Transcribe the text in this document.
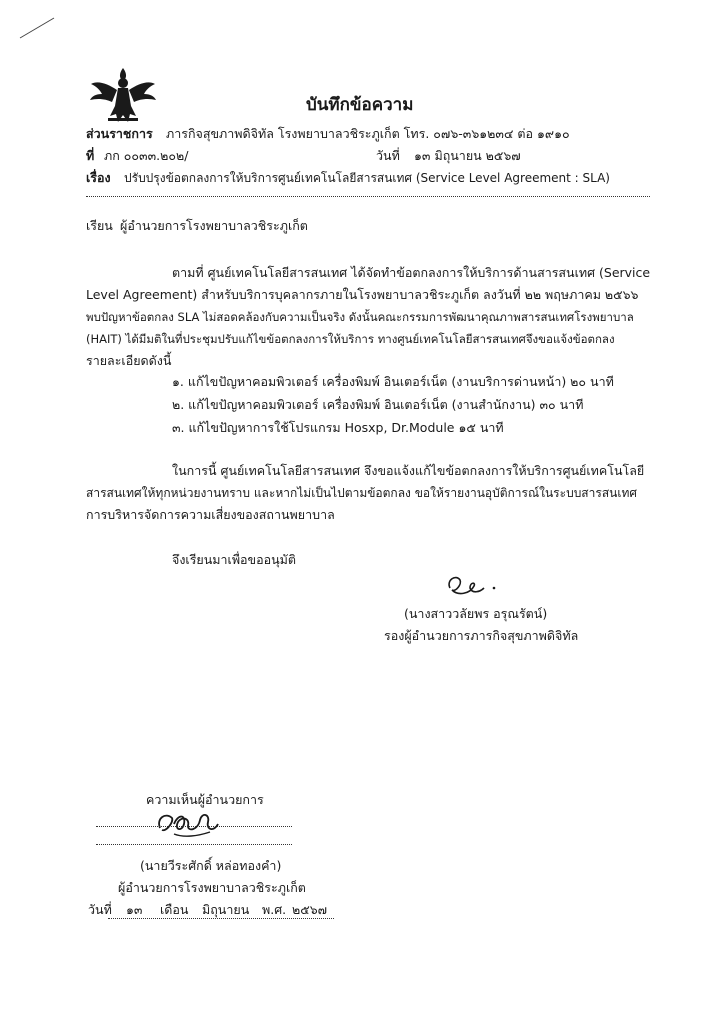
บันทึกข้อความ
ส่วนราชการ ภารกิจสุขภาพดิจิทัล โรงพยาบาลวชิระภูเก็ต โทร. ๐๗๖-๓๖๑๒๓๔ ต่อ ๑๙๑๐
ที่ ภก ๐๐๓๓.๒๐๒/	วันที่ ๑๓ มิถุนายน ๒๕๖๗
เรื่อง ปรับปรุงข้อตกลงการให้บริการศูนย์เทคโนโลยีสารสนเทศ (Service Level Agreement : SLA)
เรียน ผู้อำนวยการโรงพยาบาลวชิระภูเก็ต
ตามที่ ศูนย์เทคโนโลยีสารสนเทศ ได้จัดทำข้อตกลงการให้บริการด้านสารสนเทศ (Service
Level Agreement) สำหรับบริการบุคลากรภายในโรงพยาบาลวชิระภูเก็ต ลงวันที่ ๒๒ พฤษภาคม ๒๕๖๖
พบปัญหาข้อตกลง SLA ไม่สอดคล้องกับความเป็นจริง ดังนั้นคณะกรรมการพัฒนาคุณภาพสารสนเทศโรงพยาบาล
(HAIT) ได้มีมติในที่ประชุมปรับแก้ไขข้อตกลงการให้บริการ ทางศูนย์เทคโนโลยีสารสนเทศจึงขอแจ้งข้อตกลง
รายละเอียดดังนี้
๑. แก้ไขปัญหาคอมพิวเตอร์ เครื่องพิมพ์ อินเตอร์เน็ต (งานบริการด่านหน้า) ๒๐ นาที
๒. แก้ไขปัญหาคอมพิวเตอร์ เครื่องพิมพ์ อินเตอร์เน็ต (งานสำนักงาน) ๓๐ นาที
๓. แก้ไขปัญหาการใช้โปรแกรม Hosxp, Dr.Module ๑๕ นาที
ในการนี้ ศูนย์เทคโนโลยีสารสนเทศ จึงขอแจ้งแก้ไขข้อตกลงการให้บริการศูนย์เทคโนโลยี
สารสนเทศให้ทุกหน่วยงานทราบ และหากไม่เป็นไปตามข้อตกลง ขอให้รายงานอุบัติการณ์ในระบบสารสนเทศ
การบริหารจัดการความเสี่ยงของสถานพยาบาล
จึงเรียนมาเพื่อขออนุมัติ
(นางสาววลัยพร อรุณรัตน์)
รองผู้อำนวยการภารกิจสุขภาพดิจิทัล
ความเห็นผู้อำนวยการ
(นายวีระศักดิ์ หล่อทองคำ)
ผู้อำนวยการโรงพยาบาลวชิระภูเก็ต
วันที่ ๑๓ เดือน มิถุนายน พ.ศ. ๒๕๖๗
